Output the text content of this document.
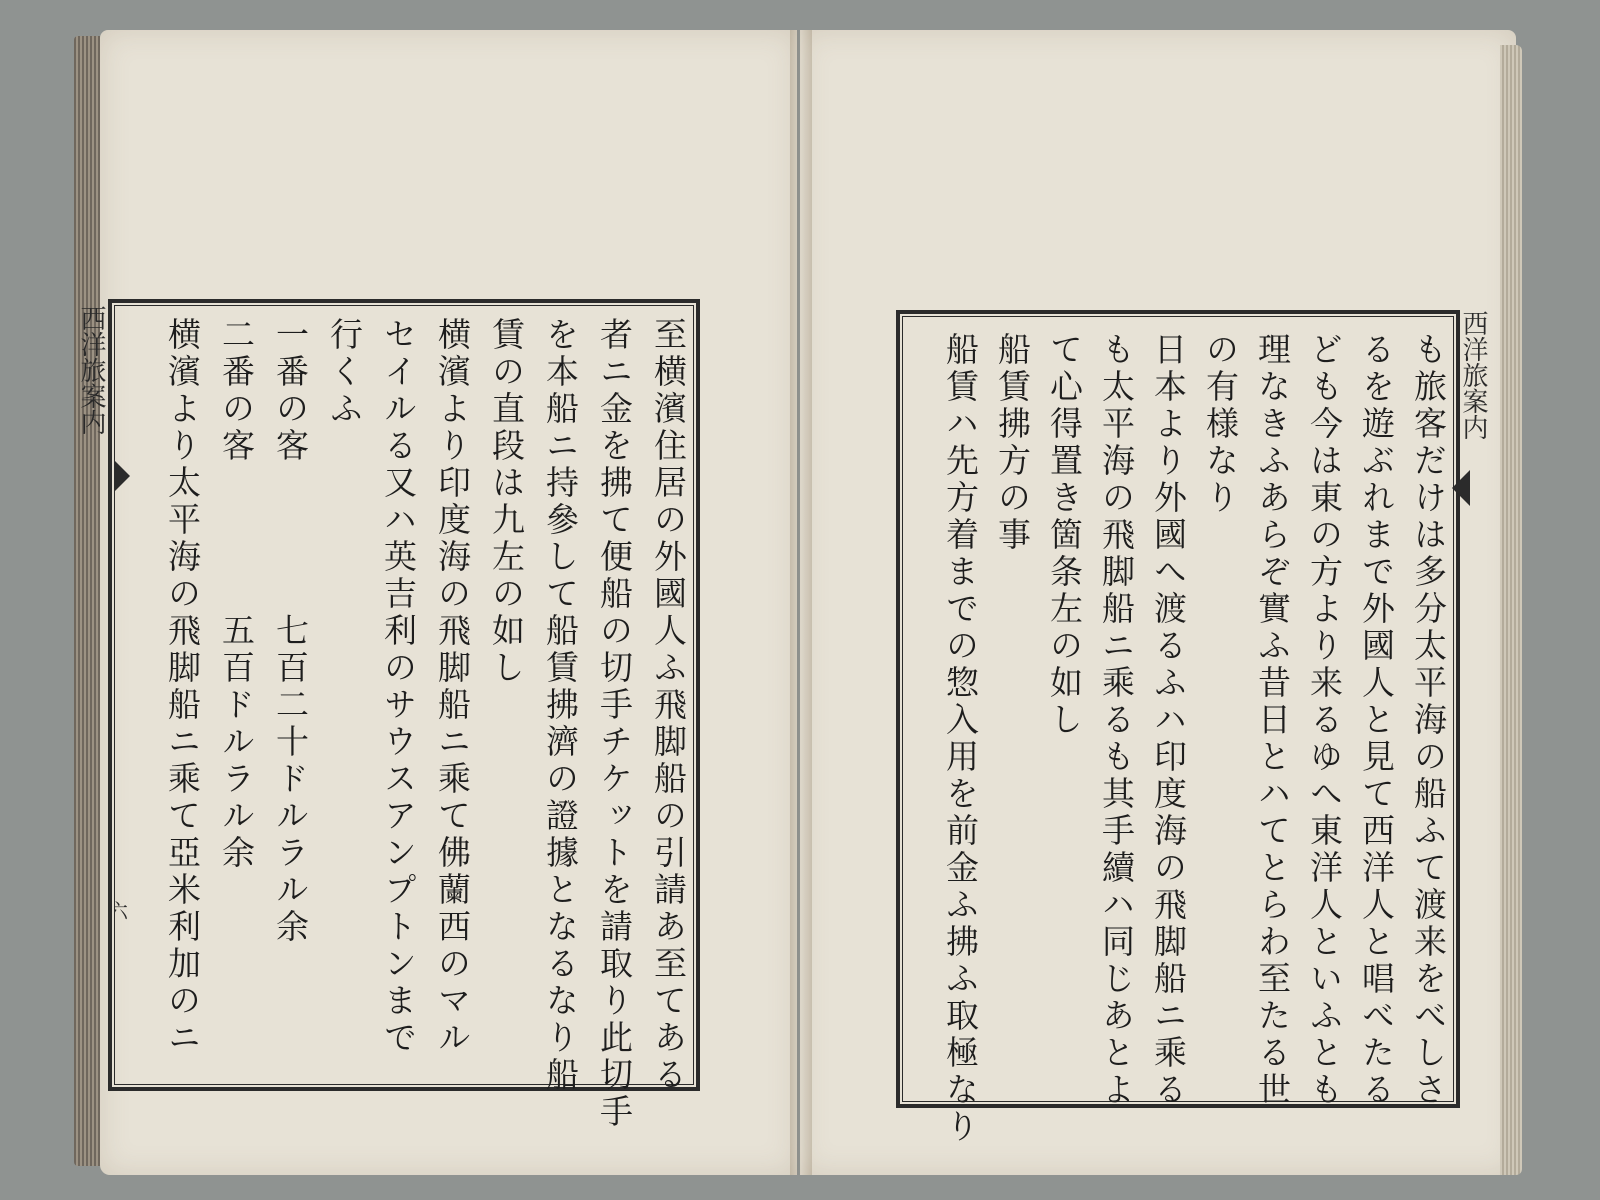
西洋旅案内
六	至横濱住居の外國人ふ飛脚船の引請あ至てある
者ニ金を拂て便船の切手チケットを請取り此切手
を本船ニ持參して船賃拂濟の證據となるなり船
賃の直段は九左の如し
横濱より印度海の飛脚船ニ乘て佛蘭西のマル
セイルる又ハ英吉利のサウスアンプトンまで
行くふ
一番の客　　　　七百二十ドルラル余
二番の客　　　　五百ドルラル余
横濱より太平海の飛脚船ニ乘て亞米利加のニ	も旅客だけは多分太平海の船ふて渡来をべしさ
るを遊ぶれまで外國人と見て西洋人と唱べたる
ども今は東の方より来るゆへ東洋人といふとも
理なきふあらぞ實ふ昔日とハてとらわ至たる世
の有様なり
日本より外國へ渡るふハ印度海の飛脚船ニ乘る
も太平海の飛脚船ニ乘るも其手續ハ同じあとよ
て心得置き箇条左の如し
船賃拂方の事
船賃ハ先方着までの惣入用を前金ふ拂ふ取極なり	西洋旅案内
